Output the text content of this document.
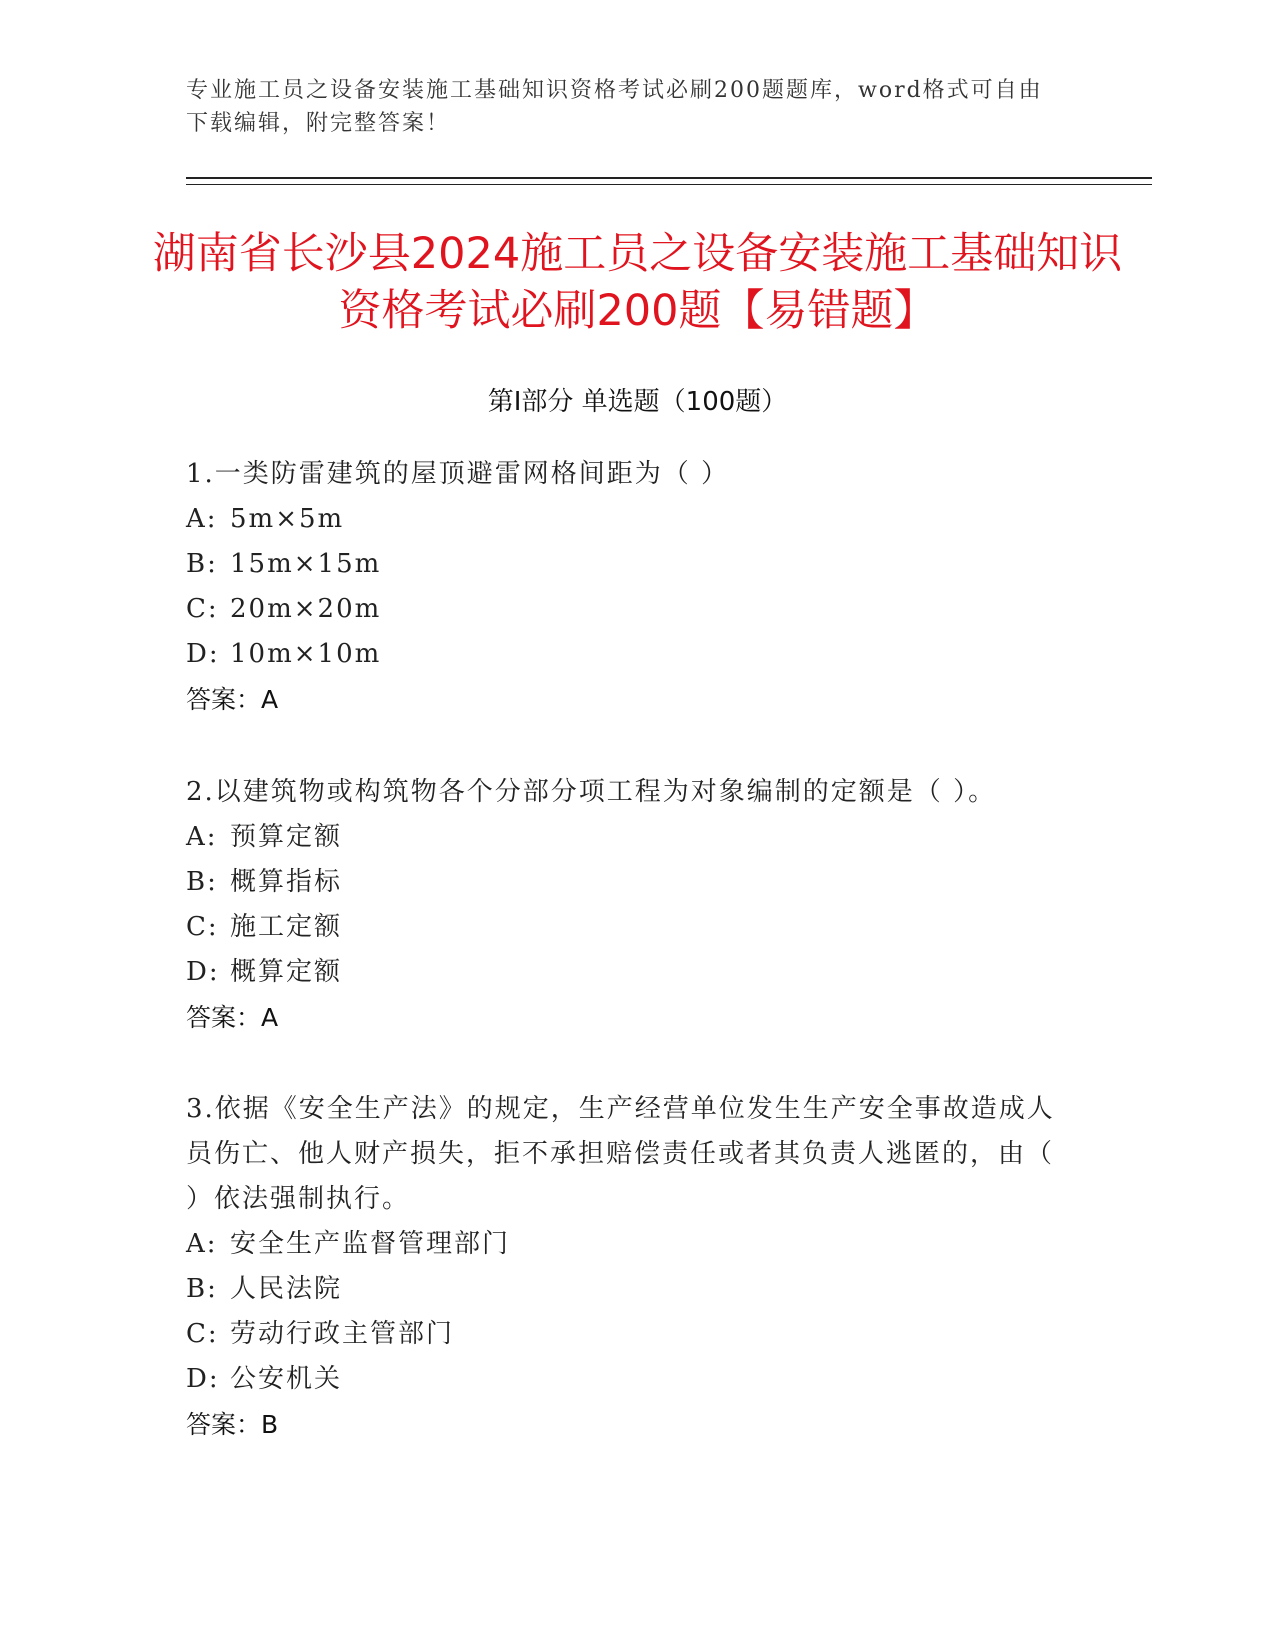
专业施工员之设备安装施工基础知识资格考试必刷200题题库，word格式可自由下载编辑，附完整答案！
湖南省长沙县2024施工员之设备安装施工基础知识资格考试必刷200题【易错题】
第Ⅰ部分 单选题（100题）
1.一类防雷建筑的屋顶避雷网格间距为（ ）
A: 5m×5m
B: 15m×15m
C: 20m×20m
D: 10m×10m
答案：A
2.以建筑物或构筑物各个分部分项工程为对象编制的定额是（ ）。
A: 预算定额
B: 概算指标
C: 施工定额
D: 概算定额
答案：A
3.依据《安全生产法》的规定，生产经营单位发生生产安全事故造成人员伤亡、他人财产损失，拒不承担赔偿责任或者其负责人逃匿的，由（ ）依法强制执行。
A: 安全生产监督管理部门
B: 人民法院
C: 劳动行政主管部门
D: 公安机关
答案：B
